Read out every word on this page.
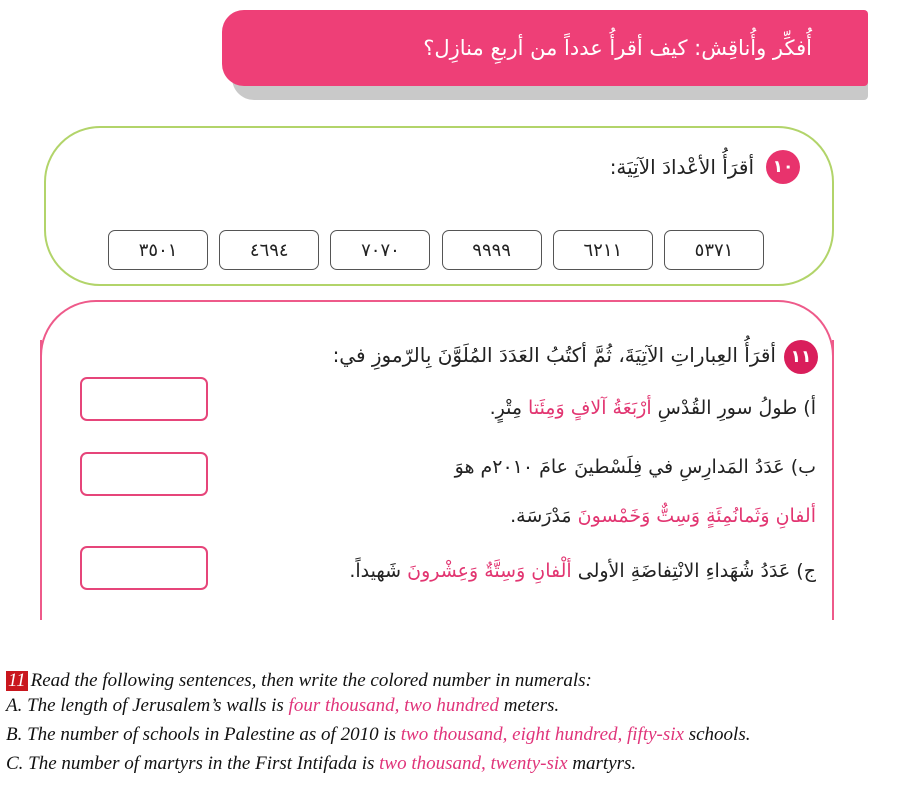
أُفكِّر وأُناقِش: كيف أقرأُ عدداً من أربعِ منازِل؟
١٠
أقرَأُ الأعْدادَ الآتِيَة:
٥٣٧١
٦٢١١
٩٩٩٩
٧٠٧٠
٤٦٩٤
٣٥٠١
١١
أقرَأُ العِباراتِ الآتِيَةَ، ثُمَّ أكتُبُ العَدَدَ المُلَوَّنَ بِالرّموزِ في:
أ) طولُ سورِ القُدْسِ أرْبَعَةُ آلافٍ وَمِئَتا مِتْرٍ.
ب) عَدَدُ المَدارِسِ في فِلَسْطينَ عامَ ٢٠١٠م هوَ
ألفانِ وَثَمانُمِئَةٍ وَسِتٌّ وَخَمْسونَ مَدْرَسَة.
ج) عَدَدُ شُهَداءِ الانْتِفاضَةِ الأولى ألْفانِ وَسِتَّةٌ وَعِشْرونَ شَهيداً.
11 Read the following sentences, then write the colored number in numerals:
A. The length of Jerusalem’s walls is four thousand, two hundred meters.
B. The number of schools in Palestine as of 2010 is two thousand, eight hundred, fifty-six schools.
C. The number of martyrs in the First Intifada is two thousand, twenty-six martyrs.
